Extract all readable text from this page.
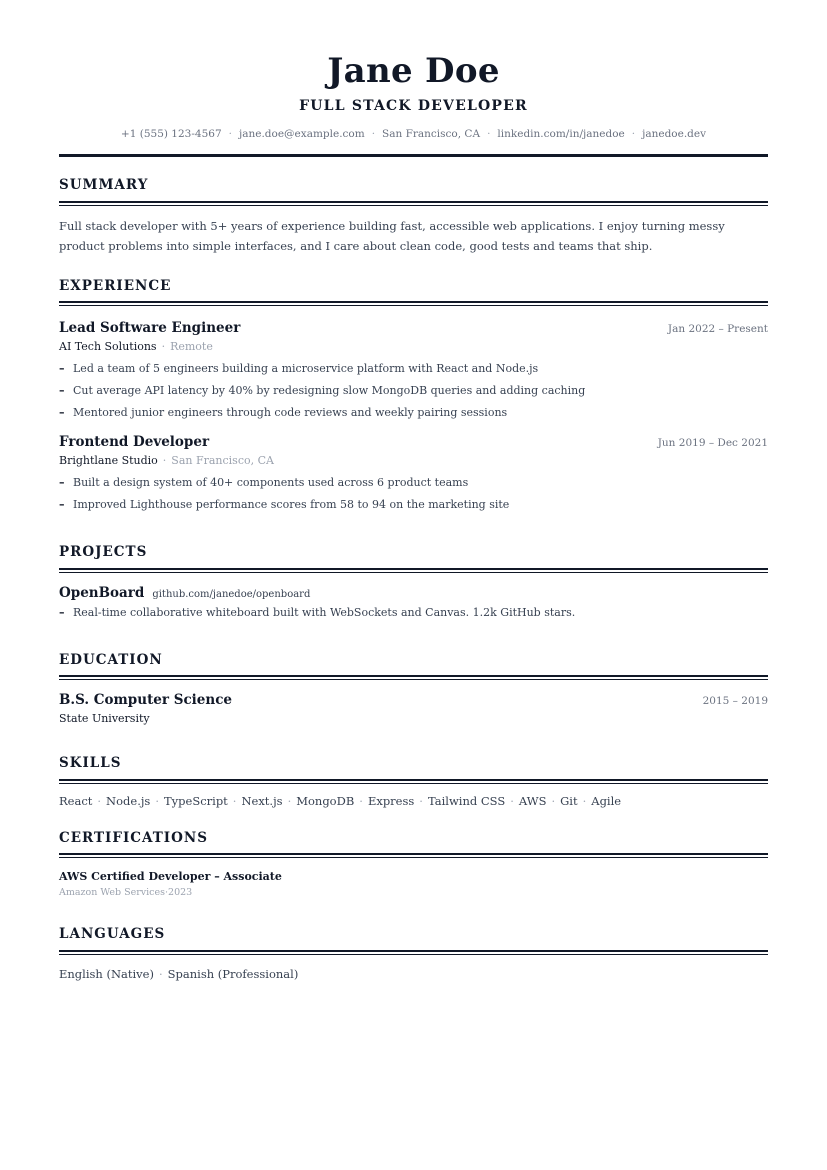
Jane Doe
FULL STACK DEVELOPER
+1 (555) 123-4567 · jane.doe@example.com · San Francisco, CA · linkedin.com/in/janedoe · janedoe.dev
SUMMARY
Full stack developer with 5+ years of experience building fast, accessible web applications. I enjoy turning messy product problems into simple interfaces, and I care about clean code, good tests and teams that ship.
EXPERIENCE
Lead Software Engineer	Jan 2022 – Present
AI Tech Solutions · Remote
– Led a team of 5 engineers building a microservice platform with React and Node.js
– Cut average API latency by 40% by redesigning slow MongoDB queries and adding caching
– Mentored junior engineers through code reviews and weekly pairing sessions
Frontend Developer	Jun 2019 – Dec 2021
Brightlane Studio · San Francisco, CA
– Built a design system of 40+ components used across 6 product teams
– Improved Lighthouse performance scores from 58 to 94 on the marketing site
PROJECTS
OpenBoard github.com/janedoe/openboard
– Real-time collaborative whiteboard built with WebSockets and Canvas. 1.2k GitHub stars.
EDUCATION
B.S. Computer Science	2015 – 2019
State University
SKILLS
React · Node.js · TypeScript · Next.js · MongoDB · Express · Tailwind CSS · AWS · Git · Agile
CERTIFICATIONS
AWS Certified Developer – Associate
Amazon Web Services·2023
LANGUAGES
English (Native) · Spanish (Professional)
